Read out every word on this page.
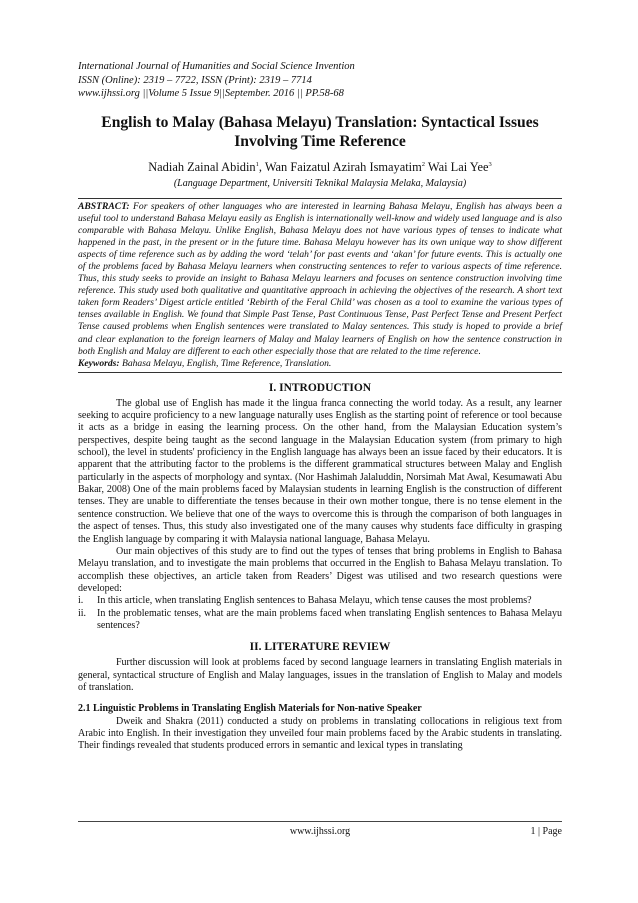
International Journal of Humanities and Social Science Invention
ISSN (Online): 2319 – 7722, ISSN (Print): 2319 – 7714
www.ijhssi.org ||Volume 5 Issue 9||September. 2016 || PP.58-68
English to Malay (Bahasa Melayu) Translation: Syntactical Issues Involving Time Reference
Nadiah Zainal Abidin$^1$, Wan Faizatul Azirah Ismayatim$^2$ Wai Lai Yee$^3$
(Language Department, Universiti Teknikal Malaysia Melaka, Malaysia)
ABSTRACT: For speakers of other languages who are interested in learning Bahasa Melayu, English has always been a useful tool to understand Bahasa Melayu easily as English is internationally well-know and widely used language and is also comparable with Bahasa Melayu. Unlike English, Bahasa Melayu does not have various types of tenses to indicate what happened in the past, in the present or in the future time. Bahasa Melayu however has its own unique way to show different aspects of time reference such as by adding the word ‘telah’ for past events and ‘akan’ for future events. This is actually one of the problems faced by Bahasa Melayu learners when constructing sentences to refer to various aspects of time reference. Thus, this study seeks to provide an insight to Bahasa Melayu learners and focuses on sentence construction involving time reference. This study used both qualitative and quantitative approach in achieving the objectives of the research. A short text taken form Readers’ Digest article entitled ‘Rebirth of the Feral Child’ was chosen as a tool to examine the various types of tenses available in English. We found that Simple Past Tense, Past Continuous Tense, Past Perfect Tense and Present Perfect Tense caused problems when English sentences were translated to Malay sentences. This study is hoped to provide a brief and clear explanation to the foreign learners of Malay and Malay learners of English on how the sentence construction in both English and Malay are different to each other especially those that are related to the time reference.
Keywords: Bahasa Melayu, English, Time Reference, Translation.
I. INTRODUCTION

The global use of English has made it the lingua franca connecting the world today. As a result, any learner seeking to acquire proficiency to a new language naturally uses English as the starting point of reference or tool because it acts as a bridge in easing the learning process. On the other hand, from the Malaysian Education system’s perspectives, despite being taught as the second language in the Malaysian Education system (from primary to high school), the level in students' proficiency in the English language has always been an issue faced by their educators. It is apparent that the attributing factor to the problems is the different grammatical structures between Malay and English particularly in the aspects of morphology and syntax. (Nor Hashimah Jalaluddin, Norsimah Mat Awal, Kesumawati Abu Bakar, 2008) One of the main problems faced by Malaysian students in learning English is the construction of different tenses. They are unable to differentiate the tenses because in their own mother tongue, there is no tense element in the sentence construction. We believe that one of the ways to overcome this is through the comparison of both languages in the aspect of tenses. Thus, this study also investigated one of the many causes why students face difficulty in grasping the English language by comparing it with Malaysia national language, Bahasa Melayu.

Our main objectives of this study are to find out the types of tenses that bring problems in English to Bahasa Melayu translation, and to investigate the main problems that occurred in the English to Bahasa Melayu translation. To accomplish these objectives, an article taken from Readers’ Digest was utilised and two research questions were developed:

i.	In this article, when translating English sentences to Bahasa Melayu, which tense causes the most problems?
ii.	In the problematic tenses, what are the main problems faced when translating English sentences to Bahasa Melayu sentences?
II. LITERATURE REVIEW

Further discussion will look at problems faced by second language learners in translating English materials in general, syntactical structure of English and Malay languages, issues in the translation of English to Malay and models of translation.

2.1 Linguistic Problems in Translating English Materials for Non-native Speaker

Dweik and Shakra (2011) conducted a study on problems in translating collocations in religious text from Arabic into English. In their investigation they unveiled four main problems faced by the Arabic students in translating. Their findings revealed that students produced errors in semantic and lexical types in translating

www.ijhssi.org	1 | Page
